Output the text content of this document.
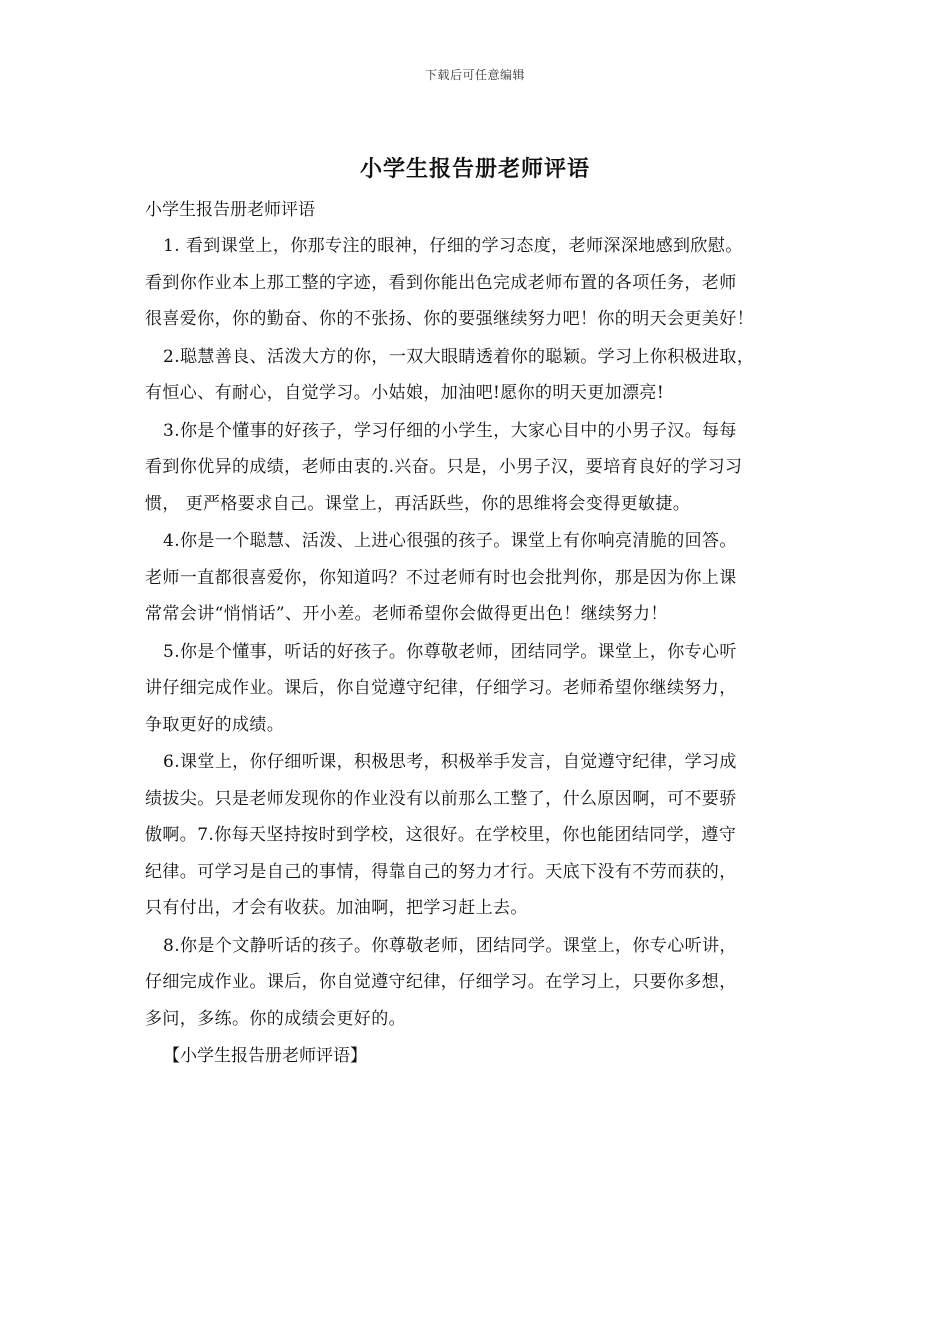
下载后可任意编辑
小学生报告册老师评语
小学生报告册老师评语
1. 看到课堂上，你那专注的眼神，仔细的学习态度，老师深深地感到欣慰。
看到你作业本上那工整的字迹，看到你能出色完成老师布置的各项任务，老师
很喜爱你，你的勤奋、你的不张扬、你的要强继续努力吧！你的明天会更美好！
2.聪慧善良、活泼大方的你，一双大眼睛透着你的聪颖。学习上你积极进取，
有恒心、有耐心，自觉学习。小姑娘，加油吧!愿你的明天更加漂亮!
3.你是个懂事的好孩子，学习仔细的小学生，大家心目中的小男子汉。每每
看到你优异的成绩，老师由衷的.兴奋。只是，小男子汉，要培育良好的学习习
惯， 更严格要求自己。课堂上，再活跃些，你的思维将会变得更敏捷。
4.你是一个聪慧、活泼、上进心很强的孩子。课堂上有你响亮清脆的回答。
老师一直都很喜爱你，你知道吗？不过老师有时也会批判你，那是因为你上课
常常会讲“悄悄话”、开小差。老师希望你会做得更出色！继续努力！
5.你是个懂事，听话的好孩子。你尊敬老师，团结同学。课堂上，你专心听
讲仔细完成作业。课后，你自觉遵守纪律，仔细学习。老师希望你继续努力，
争取更好的成绩。
6.课堂上，你仔细听课，积极思考，积极举手发言，自觉遵守纪律，学习成
绩拔尖。只是老师发现你的作业没有以前那么工整了，什么原因啊，可不要骄
傲啊。7.你每天坚持按时到学校，这很好。在学校里，你也能团结同学，遵守
纪律。可学习是自己的事情，得靠自己的努力才行。天底下没有不劳而获的，
只有付出，才会有收获。加油啊，把学习赶上去。
8.你是个文静听话的孩子。你尊敬老师，团结同学。课堂上，你专心听讲，
仔细完成作业。课后，你自觉遵守纪律，仔细学习。在学习上，只要你多想，
多问，多练。你的成绩会更好的。
【小学生报告册老师评语】
